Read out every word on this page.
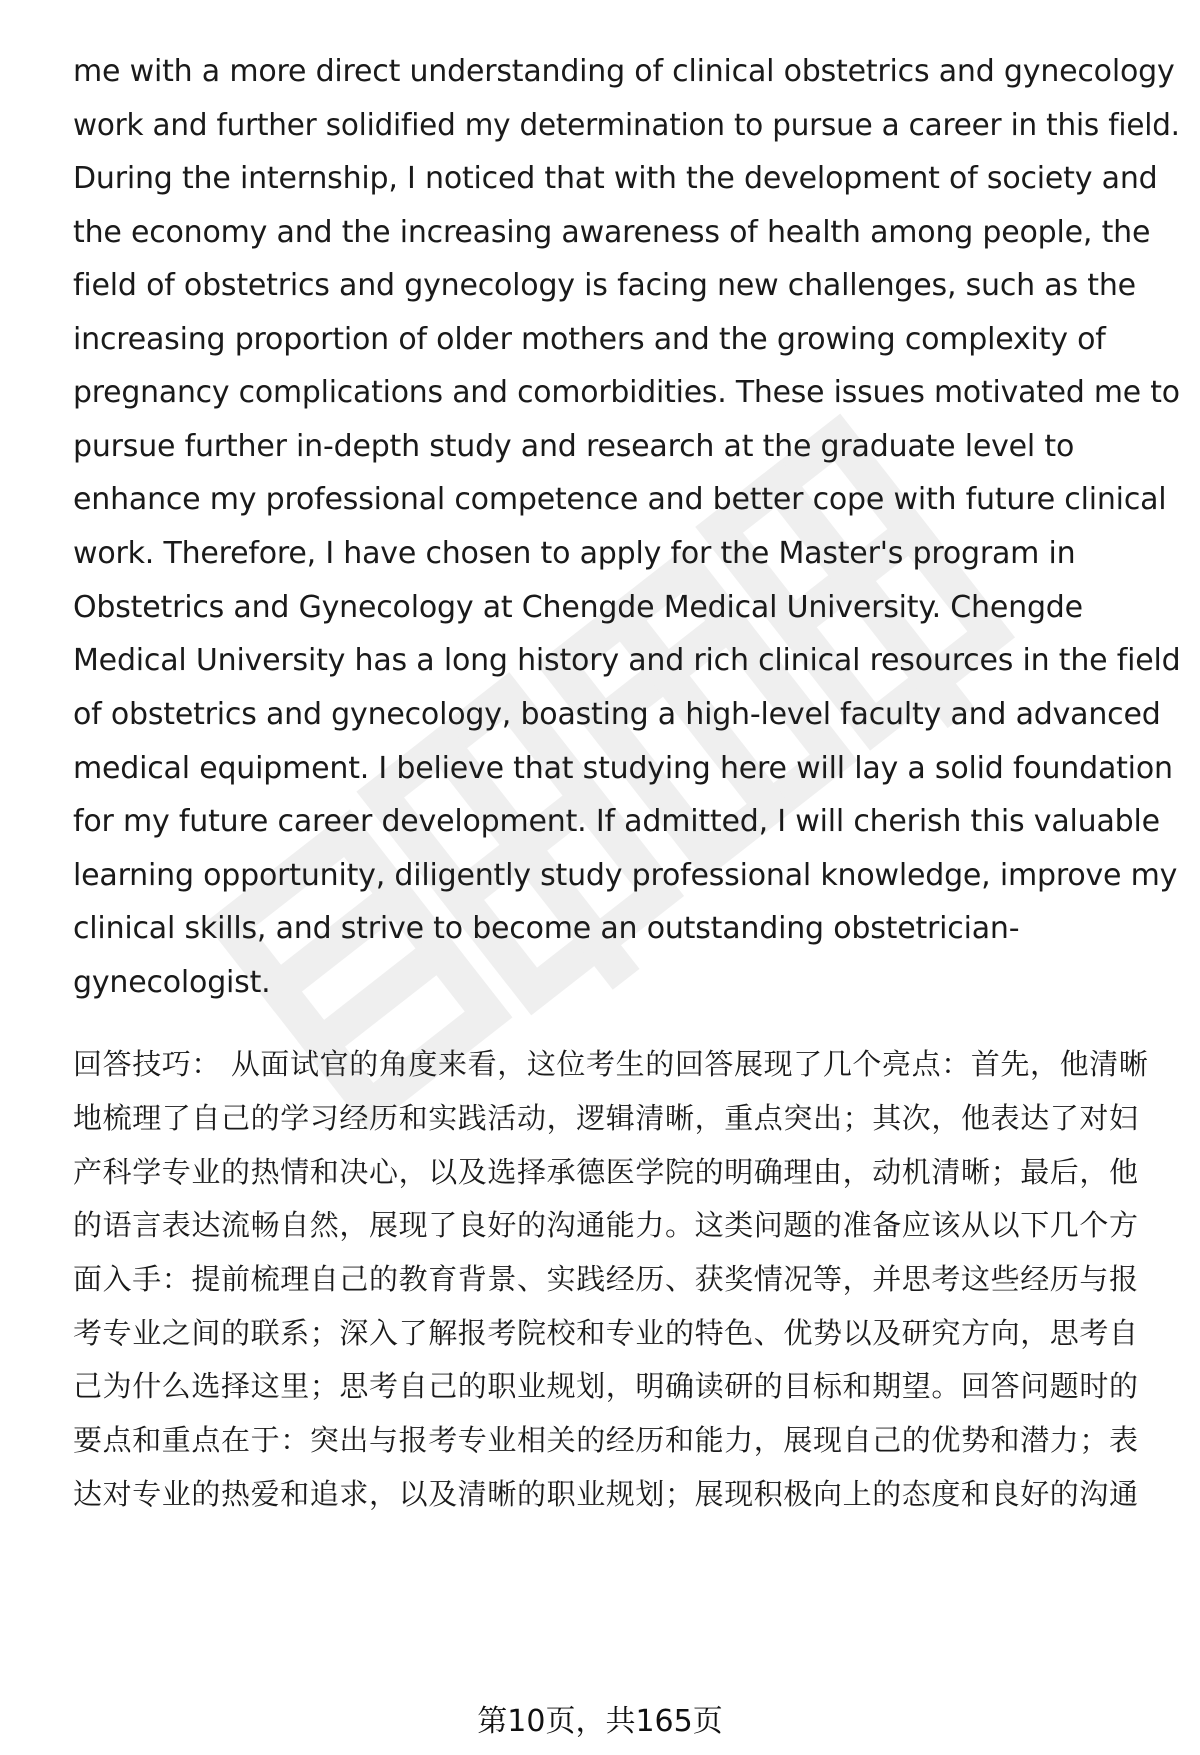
me with a more direct understanding of clinical obstetrics and gynecology
work and further solidified my determination to pursue a career in this field.
During the internship, I noticed that with the development of society and
the economy and the increasing awareness of health among people, the
field of obstetrics and gynecology is facing new challenges, such as the
increasing proportion of older mothers and the growing complexity of
pregnancy complications and comorbidities. These issues motivated me to
pursue further in-depth study and research at the graduate level to
enhance my professional competence and better cope with future clinical
work. Therefore, I have chosen to apply for the Master's program in
Obstetrics and Gynecology at Chengde Medical University. Chengde
Medical University has a long history and rich clinical resources in the field
of obstetrics and gynecology, boasting a high-level faculty and advanced
medical equipment. I believe that studying here will lay a solid foundation
for my future career development. If admitted, I will cherish this valuable
learning opportunity, diligently study professional knowledge, improve my
clinical skills, and strive to become an outstanding obstetrician-
gynecologist.
回答技巧： 从面试官的角度来看，这位考生的回答展现了几个亮点：首先，他清晰
地梳理了自己的学习经历和实践活动，逻辑清晰，重点突出；其次，他表达了对妇
产科学专业的热情和决心，以及选择承德医学院的明确理由，动机清晰；最后，他
的语言表达流畅自然，展现了良好的沟通能力。这类问题的准备应该从以下几个方
面入手：提前梳理自己的教育背景、实践经历、获奖情况等，并思考这些经历与报
考专业之间的联系；深入了解报考院校和专业的特色、优势以及研究方向，思考自
己为什么选择这里；思考自己的职业规划，明确读研的目标和期望。回答问题时的
要点和重点在于：突出与报考专业相关的经历和能力，展现自己的优势和潜力；表
达对专业的热爱和追求，以及清晰的职业规划；展现积极向上的态度和良好的沟通
第10页，共165页
